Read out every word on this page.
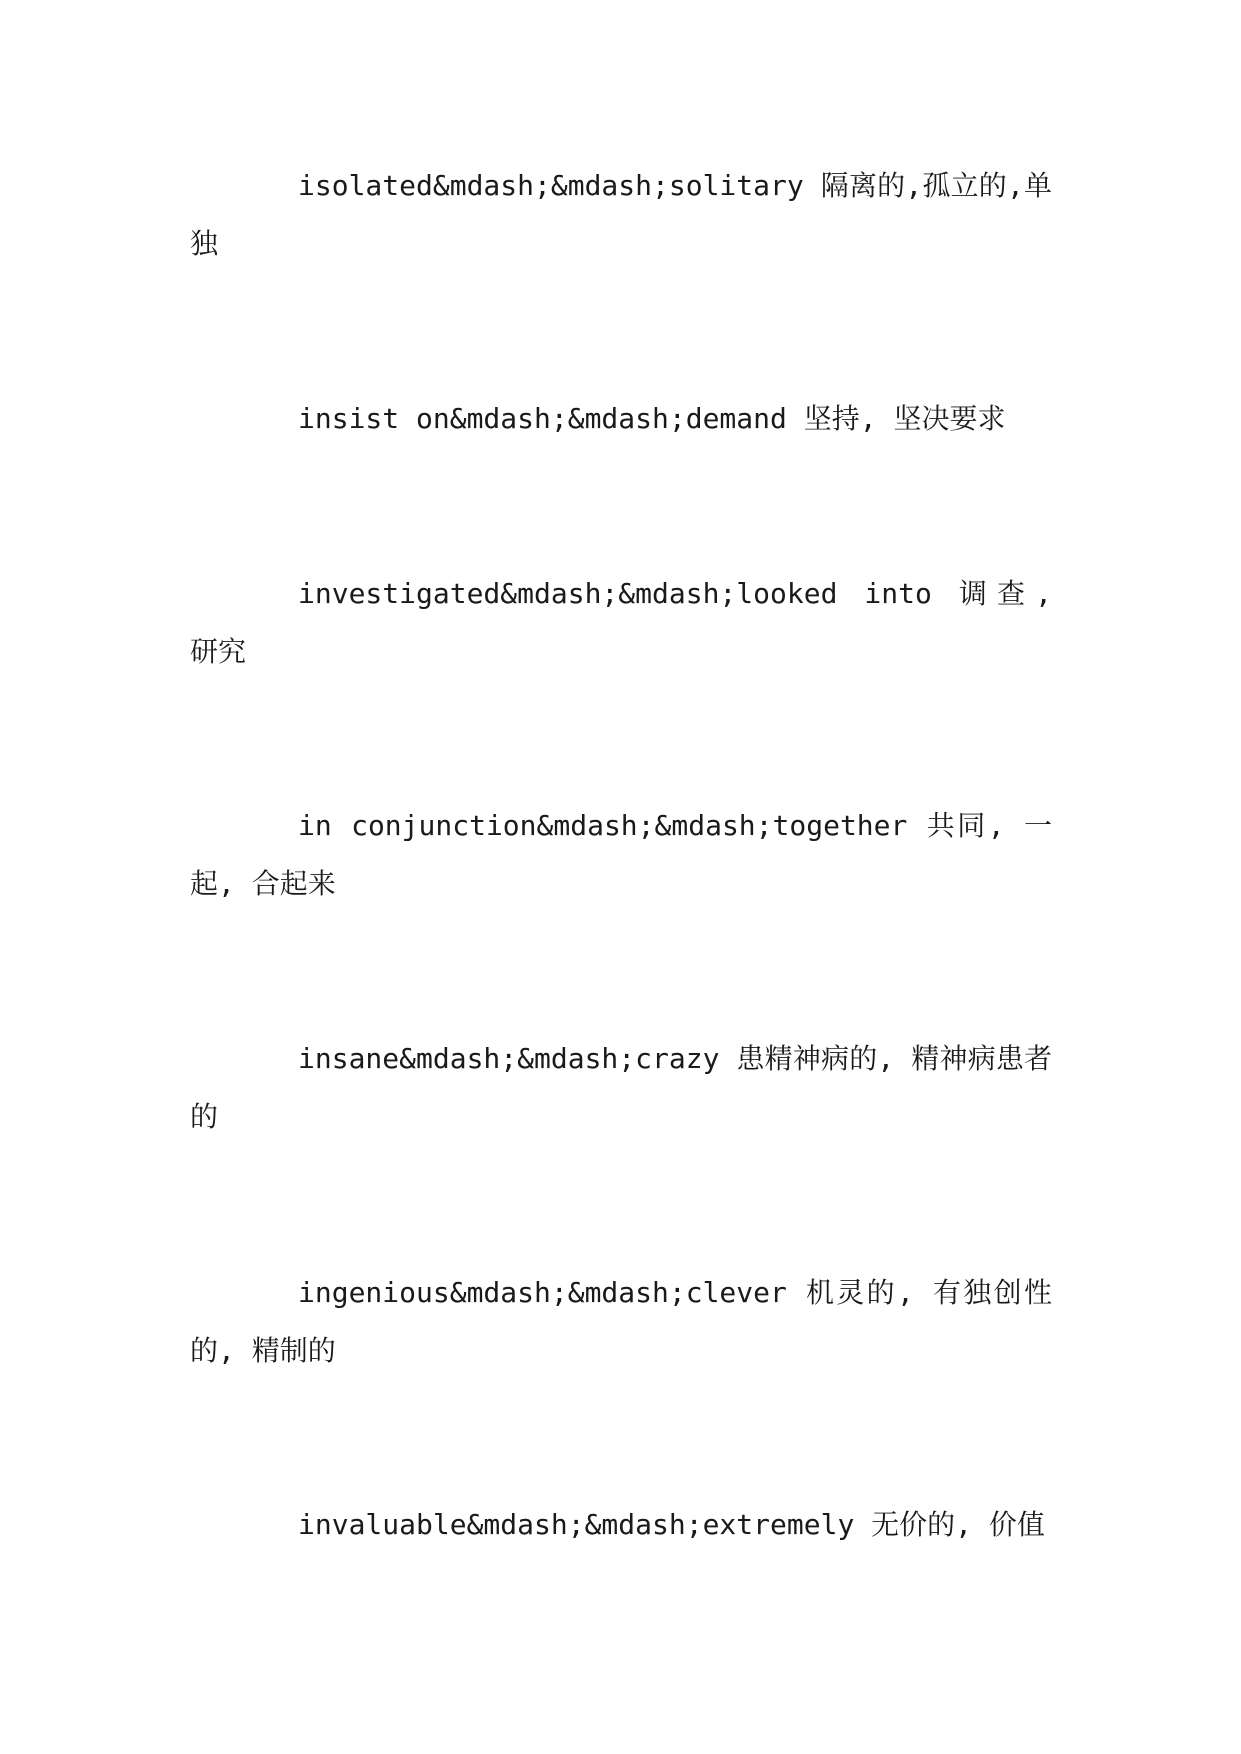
isolated&mdash;&mdash;solitary 隔离的,孤立的,单独

insist on&mdash;&mdash;demand 坚持, 坚决要求

investigated&mdash;&mdash;looked into 调查, 研究

in conjunction&mdash;&mdash;together 共同, 一起, 合起来

insane&mdash;&mdash;crazy 患精神病的, 精神病患者的

ingenious&mdash;&mdash;clever 机灵的, 有独创性的, 精制的

invaluable&mdash;&mdash;extremely 无价的, 价值
